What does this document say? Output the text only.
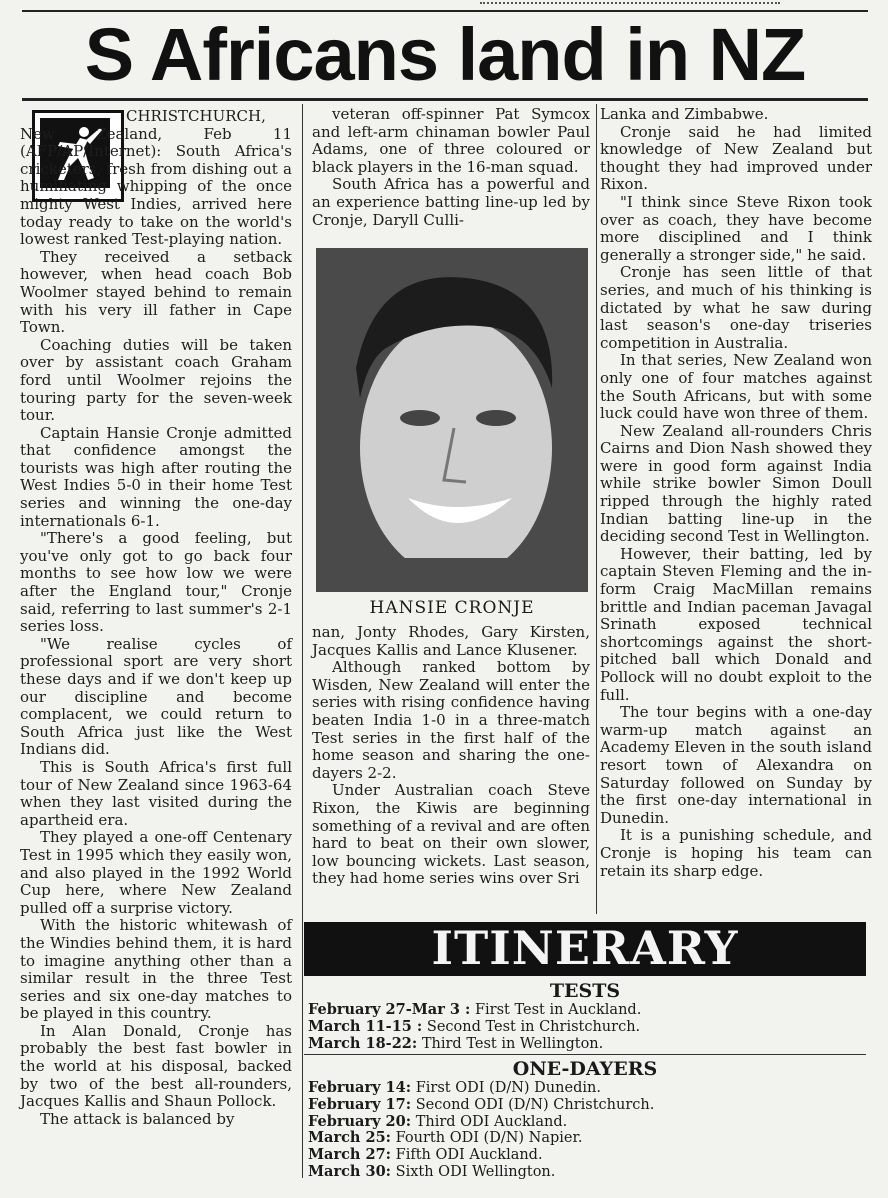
S Africans land in NZ

CHRISTCHURCH, New Zealand, Feb 11 (AFP/AP/Internet): South Africa's cricketers, fresh from dishing out a humiliating whipping of the once mighty West Indies, arrived here today ready to take on the world's lowest ranked Test-playing nation.

They received a setback however, when head coach Bob Woolmer stayed behind to remain with his very ill father in Cape Town.

Coaching duties will be taken over by assistant coach Graham ford until Woolmer rejoins the touring party for the seven-week tour.

Captain Hansie Cronje admitted that confidence amongst the tourists was high after routing the West Indies 5-0 in their home Test series and winning the one-day internationals 6-1.

"There's a good feeling, but you've only got to go back four months to see how low we were after the England tour," Cronje said, referring to last summer's 2-1 series loss.

"We realise cycles of professional sport are very short these days and if we don't keep up our discipline and become complacent, we could return to South Africa just like the West Indians did.

This is South Africa's first full tour of New Zealand since 1963-64 when they last visited during the apartheid era.

They played a one-off Centenary Test in 1995 which they easily won, and also played in the 1992 World Cup here, where New Zealand pulled off a surprise victory.

With the historic whitewash of the Windies behind them, it is hard to imagine anything other than a similar result in the three Test series and six one-day matches to be played in this country.

In Alan Donald, Cronje has probably the best fast bowler in the world at his disposal, backed by two of the best all-rounders, Jacques Kallis and Shaun Pollock.

The attack is balanced by

veteran off-spinner Pat Symcox and left-arm chinaman bowler Paul Adams, one of three coloured or black players in the 16-man squad.

South Africa has a powerful and an experience batting line-up led by Cronje, Daryll Culli-

HANSIE CRONJE

nan, Jonty Rhodes, Gary Kirsten, Jacques Kallis and Lance Klusener.

Although ranked bottom by Wisden, New Zealand will enter the series with rising confidence having beaten India 1-0 in a three-match Test series in the first half of the home season and sharing the one-dayers 2-2.

Under Australian coach Steve Rixon, the Kiwis are beginning something of a revival and are often hard to beat on their own slower, low bouncing wickets. Last season, they had home series wins over Sri

Lanka and Zimbabwe.

Cronje said he had limited knowledge of New Zealand but thought they had improved under Rixon.

"I think since Steve Rixon took over as coach, they have become more disciplined and I think generally a stronger side," he said.

Cronje has seen little of that series, and much of his thinking is dictated by what he saw during last season's one-day triseries competition in Australia.

In that series, New Zealand won only one of four matches against the South Africans, but with some luck could have won three of them.

New Zealand all-rounders Chris Cairns and Dion Nash showed they were in good form against India while strike bowler Simon Doull ripped through the highly rated Indian batting line-up in the deciding second Test in Wellington.

However, their batting, led by captain Steven Fleming and the in-form Craig MacMillan remains brittle and Indian paceman Javagal Srinath exposed technical shortcomings against the short-pitched ball which Donald and Pollock will no doubt exploit to the full.

The tour begins with a one-day warm-up match against an Academy Eleven in the south island resort town of Alexandra on Saturday followed on Sunday by the first one-day international in Dunedin.

It is a punishing schedule, and Cronje is hoping his team can retain its sharp edge.

ITINERARY
TESTS
February 27-Mar 3 : First Test in Auckland.
March 11-15 : Second Test in Christchurch.
March 18-22: Third Test in Wellington.
ONE-DAYERS
February 14: First ODI (D/N) Dunedin.
February 17: Second ODI (D/N) Christchurch.
February 20: Third ODI Auckland.
March 25: Fourth ODI (D/N) Napier.
March 27: Fifth ODI Auckland.
March 30: Sixth ODI Wellington.
